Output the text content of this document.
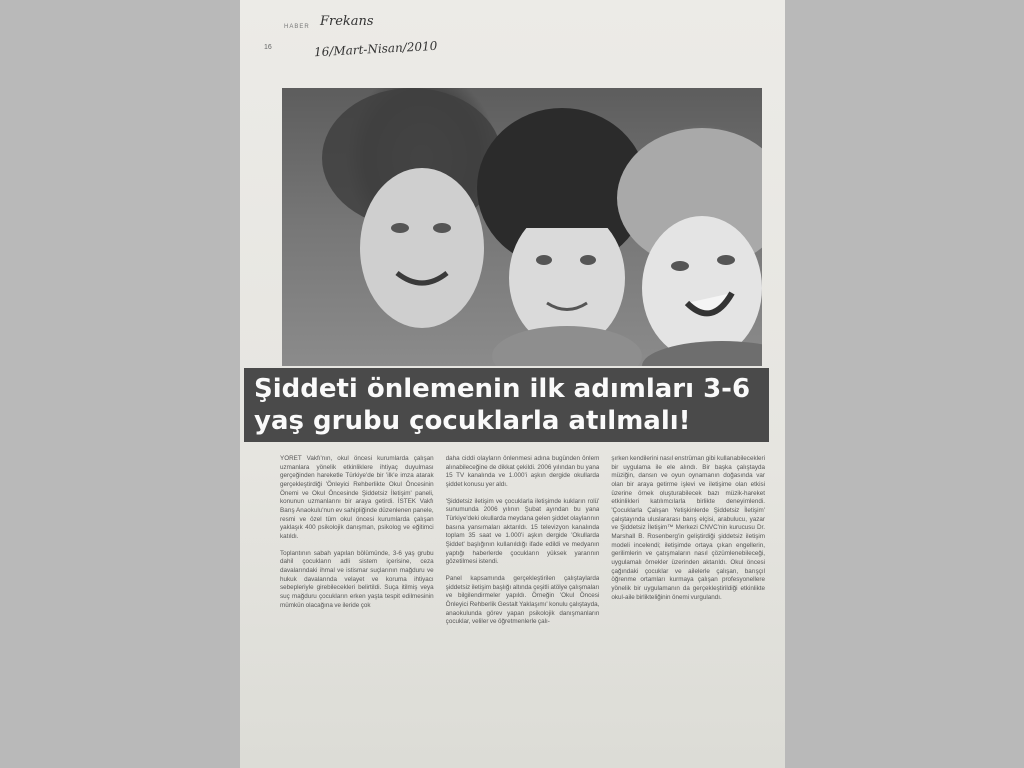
16
HABER Frekans
16/Mart-Nisan/2010
Şiddeti önlemenin ilk adımları 3-6
yaş grubu çocuklarla atılmalı!

YÖRET Vakfı'nın, okul öncesi kurumlarda çalışan uzmanlara yönelik etkinliklere ihtiyaç duyulması gerçeğinden hareketle Türkiye'de bir 'ilk'e imza atarak gerçekleştirdiği 'Önleyici Rehberlikte Okul Öncesinin Önemi ve Okul Öncesinde Şiddetsiz İletişim' paneli, konunun uzmanlarını bir araya getirdi. İSTEK Vakfı Barış Anaokulu'nun ev sahipliğinde düzenlenen panele, resmi ve özel tüm okul öncesi kurumlarda çalışan yaklaşık 400 psikolojik danışman, psikolog ve eğitimci katıldı.

Toplantının sabah yapılan bölümünde, 3-6 yaş grubu dahil çocukların adli sistem içerisine, ceza davalarındaki ihmal ve istismar suçlarının mağduru ve hukuk davalarında velayet ve koruma ihtiyacı sebepleriyle girebilecekleri belirtildi. Suça itilmiş veya suç mağduru çocukların erken yaşta tespit edilmesinin mümkün olacağına ve ileride çok

daha ciddi olayların önlenmesi adına bugünden önlem alınabileceğine de dikkat çekildi. 2006 yılından bu yana 15 TV kanalında ve 1.000'i aşkın dergide okullarda şiddet konusu yer aldı.

'Şiddetsiz iletişim ve çocuklarla iletişimde kukların rolü' sunumunda 2006 yılının Şubat ayından bu yana Türkiye'deki okullarda meydana gelen şiddet olaylarının basına yansımaları aktarıldı. 15 televizyon kanalında toplam 35 saat ve 1.000'i aşkın dergide 'Okullarda Şiddet' başlığının kullanıldığı ifade edildi ve medyanın yaptığı haberlerde çocukların yüksek yararının gözetilmesi istendi.

Panel kapsamında gerçekleştirilen çalıştaylarda şiddetsiz iletişim başlığı altında çeşitli atölye çalışmaları ve bilgilendirmeler yapıldı. Örneğin 'Okul Öncesi Önleyici Rehberlik Gestalt Yaklaşımı' konulu çalıştayda, anaokulunda görev yapan psikolojik danışmanların çocuklar, veliler ve öğretmenlerle çalı-

şırken kendilerini nasıl enstrüman gibi kullanabilecekleri bir uygulama ile ele alındı. Bir başka çalıştayda müziğin, dansın ve oyun oynamanın doğasında var olan bir araya getirme işlevi ve iletişime olan etkisi üzerine örnek oluşturabilecek bazı müzik-hareket etkinlikleri katılımcılarla birlikte deneyimlendi. 'Çocuklarla Çalışan Yetişkinlerde Şiddetsiz İletişim' çalıştayında uluslararası barış elçisi, arabulucu, yazar ve Şiddetsiz İletişim™ Merkezi CNVC'nin kurucusu Dr. Marshall B. Rosenberg'in geliştirdiği şiddetsiz iletişim modeli incelendi; iletişimde ortaya çıkan engellerin, gerilimlerin ve çatışmaların nasıl çözümlenebileceği, uygulamalı örnekler üzerinden aktarıldı. Okul öncesi çağındaki çocuklar ve ailelerle çalışan, barışçıl öğrenme ortamları kurmaya çalışan profesyonellere yönelik bir uygulamanın da gerçekleştirildiği etkinlikte okul-aile birlikteliğinin önemi vurgulandı.
